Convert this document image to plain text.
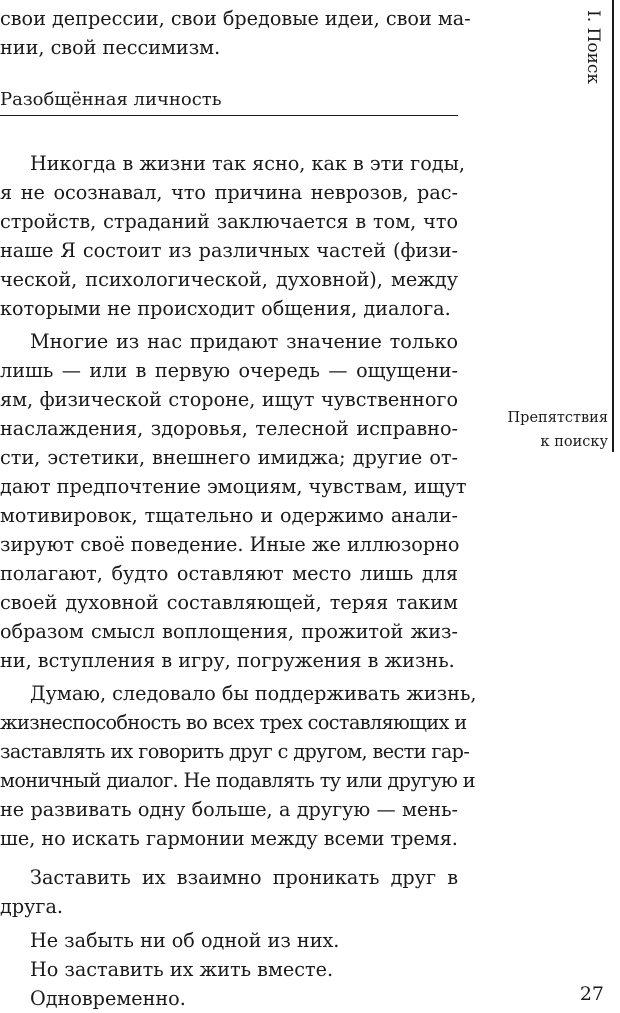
свои депрессии, свои бредовые идеи, свои ма-
нии, свой пессимизм.
Разобщённая личность
Никогда в жизни так ясно, как в эти годы,
я не осознавал, что причина неврозов, рас-
стройств, страданий заключается в том, что
наше Я состоит из различных частей (физи-
ческой, психологической, духовной), между
которыми не происходит общения, диалога.
Многие из нас придают значение только
лишь — или в первую очередь — ощущени-
ям, физической стороне, ищут чувственного
наслаждения, здоровья, телесной исправно-
сти, эстетики, внешнего имиджа; другие от-
дают предпочтение эмоциям, чувствам, ищут
мотивировок, тщательно и одержимо анали-
зируют своё поведение. Иные же иллюзорно
полагают, будто оставляют место лишь для
своей духовной составляющей, теряя таким
образом смысл воплощения, прожитой жиз-
ни, вступления в игру, погружения в жизнь.
Думаю, следовало бы поддерживать жизнь,
жизнеспособность во всех трех составляющих и
заставлять их говорить друг с другом, вести гар-
моничный диалог. Не подавлять ту или другую и
не развивать одну больше, а другую — мень-
ше, но искать гармонии между всеми тремя.
Заставить их взаимно проникать друг в
друга.
Не забыть ни об одной из них.
Но заставить их жить вместе.
Одновременно.
I. Поиск
Препятствия
к поиску
27
